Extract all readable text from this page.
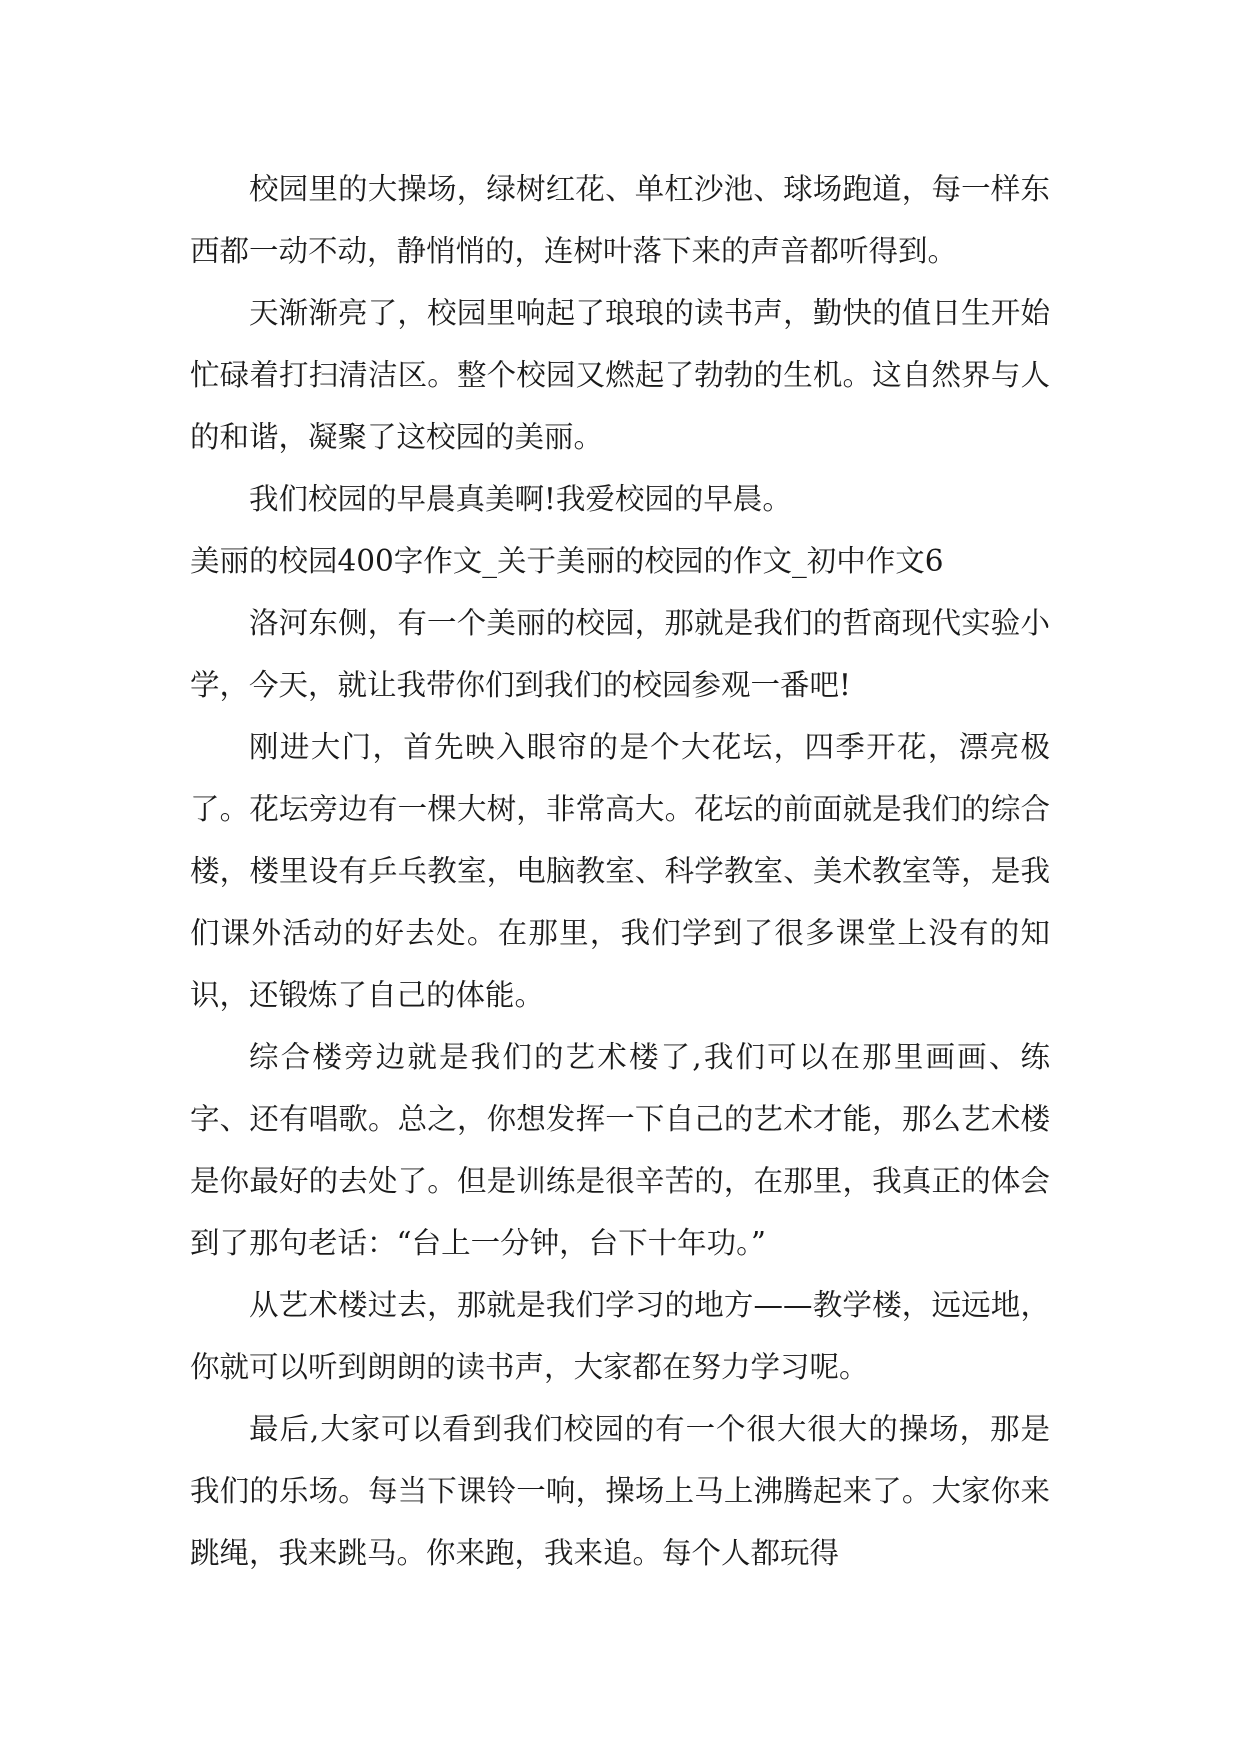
校园里的大操场，绿树红花、单杠沙池、球场跑道，每一样东西都一动不动，静悄悄的，连树叶落下来的声音都听得到。

天渐渐亮了，校园里响起了琅琅的读书声，勤快的值日生开始忙碌着打扫清洁区。整个校园又燃起了勃勃的生机。这自然界与人的和谐，凝聚了这校园的美丽。

我们校园的早晨真美啊!我爱校园的早晨。

美丽的校园400字作文_关于美丽的校园的作文_初中作文6

洛河东侧，有一个美丽的校园，那就是我们的哲商现代实验小学，今天，就让我带你们到我们的校园参观一番吧!

刚进大门，首先映入眼帘的是个大花坛，四季开花，漂亮极了。花坛旁边有一棵大树，非常高大。花坛的前面就是我们的综合楼，楼里设有乒乓教室，电脑教室、科学教室、美术教室等，是我们课外活动的好去处。在那里，我们学到了很多课堂上没有的知识，还锻炼了自己的体能。

综合楼旁边就是我们的艺术楼了,我们可以在那里画画、练字、还有唱歌。总之，你想发挥一下自己的艺术才能，那么艺术楼是你最好的去处了。但是训练是很辛苦的，在那里，我真正的体会到了那句老话：“台上一分钟，台下十年功。”

从艺术楼过去，那就是我们学习的地方——教学楼，远远地，你就可以听到朗朗的读书声，大家都在努力学习呢。

最后,大家可以看到我们校园的有一个很大很大的操场，那是我们的乐场。每当下课铃一响，操场上马上沸腾起来了。大家你来跳绳，我来跳马。你来跑，我来追。每个人都玩得
